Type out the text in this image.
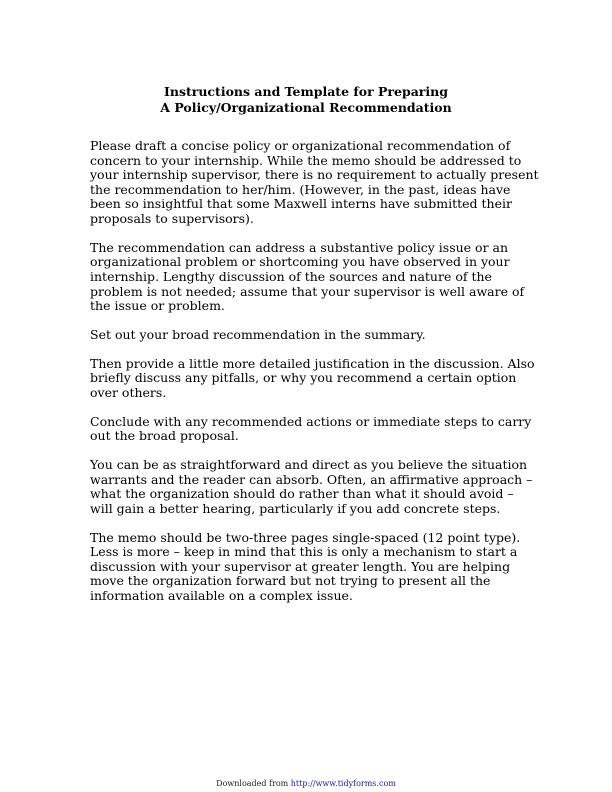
Instructions and Template for Preparing
A Policy/Organizational Recommendation
Please draft a concise policy or organizational recommendation of
concern to your internship. While the memo should be addressed to
your internship supervisor, there is no requirement to actually present
the recommendation to her/him. (However, in the past, ideas have
been so insightful that some Maxwell interns have submitted their
proposals to supervisors).
The recommendation can address a substantive policy issue or an
organizational problem or shortcoming you have observed in your
internship. Lengthy discussion of the sources and nature of the
problem is not needed; assume that your supervisor is well aware of
the issue or problem.
Set out your broad recommendation in the summary.
Then provide a little more detailed justification in the discussion. Also
briefly discuss any pitfalls, or why you recommend a certain option
over others.
Conclude with any recommended actions or immediate steps to carry
out the broad proposal.
You can be as straightforward and direct as you believe the situation
warrants and the reader can absorb. Often, an affirmative approach –
what the organization should do rather than what it should avoid –
will gain a better hearing, particularly if you add concrete steps.
The memo should be two-three pages single-spaced (12 point type).
Less is more – keep in mind that this is only a mechanism to start a
discussion with your supervisor at greater length. You are helping
move the organization forward but not trying to present all the
information available on a complex issue.
Downloaded from http://www.tidyforms.com
